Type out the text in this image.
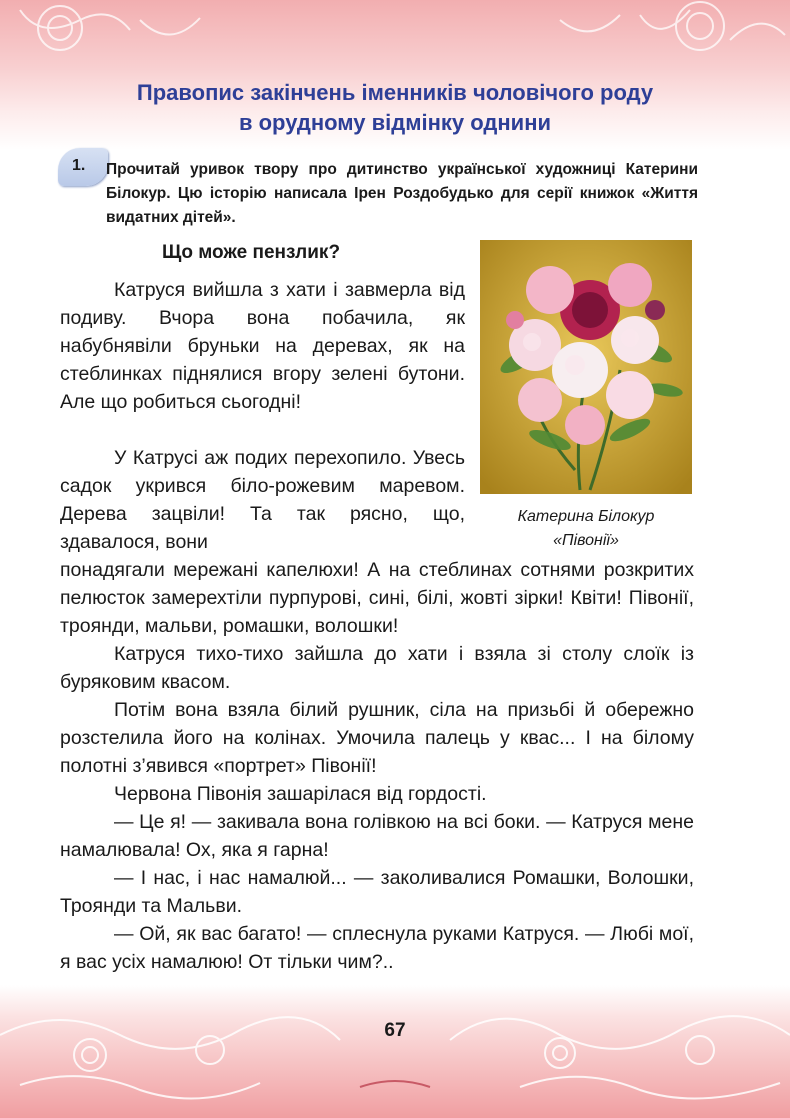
Правопис закінчень іменників чоловічого роду
в орудному відмінку однини
1. Прочитай уривок твору про дитинство української художниці Катерини Білокур. Цю історію написала Ірен Роздобудько для серії книжок «Життя видатних дітей».
Що може пензлик?
Катерина Білокур
«Півонії»

Катруся вийшла з хати і завмерла від подиву. Вчора вона побачила, як набубнявіли бруньки на деревах, як на стеблинках піднялися вгору зелені бутони. Але що робиться сьогодні!

У Катрусі аж подих перехопило. Увесь садок укрився біло-рожевим маревом. Дерева зацвіли! Та так рясно, що, здавалося, вони

понадягали мережані капелюхи! А на стеблинах сотнями розкритих пелюсток замерехтіли пурпурові, сині, білі, жовті зірки! Квіти! Півонії, троянди, мальви, ромашки, волошки!

Катруся тихо-тихо зайшла до хати і взяла зі столу слоїк із буряковим квасом.

Потім вона взяла білий рушник, сіла на призьбі й обережно розстелила його на колінах. Умочила палець у квас... І на білому полотні з’явився «портрет» Півонії!

Червона Півонія зашарілася від гордості.

— Це я! — закивала вона голівкою на всі боки. — Катруся мене намалювала! Ох, яка я гарна!

— І нас, і нас намалюй... — заколивалися Ромашки, Волошки, Троянди та Мальви.

— Ой, як вас багато! — сплеснула руками Катруся. — Любі мої, я вас усіх намалюю! От тільки чим?..

67
